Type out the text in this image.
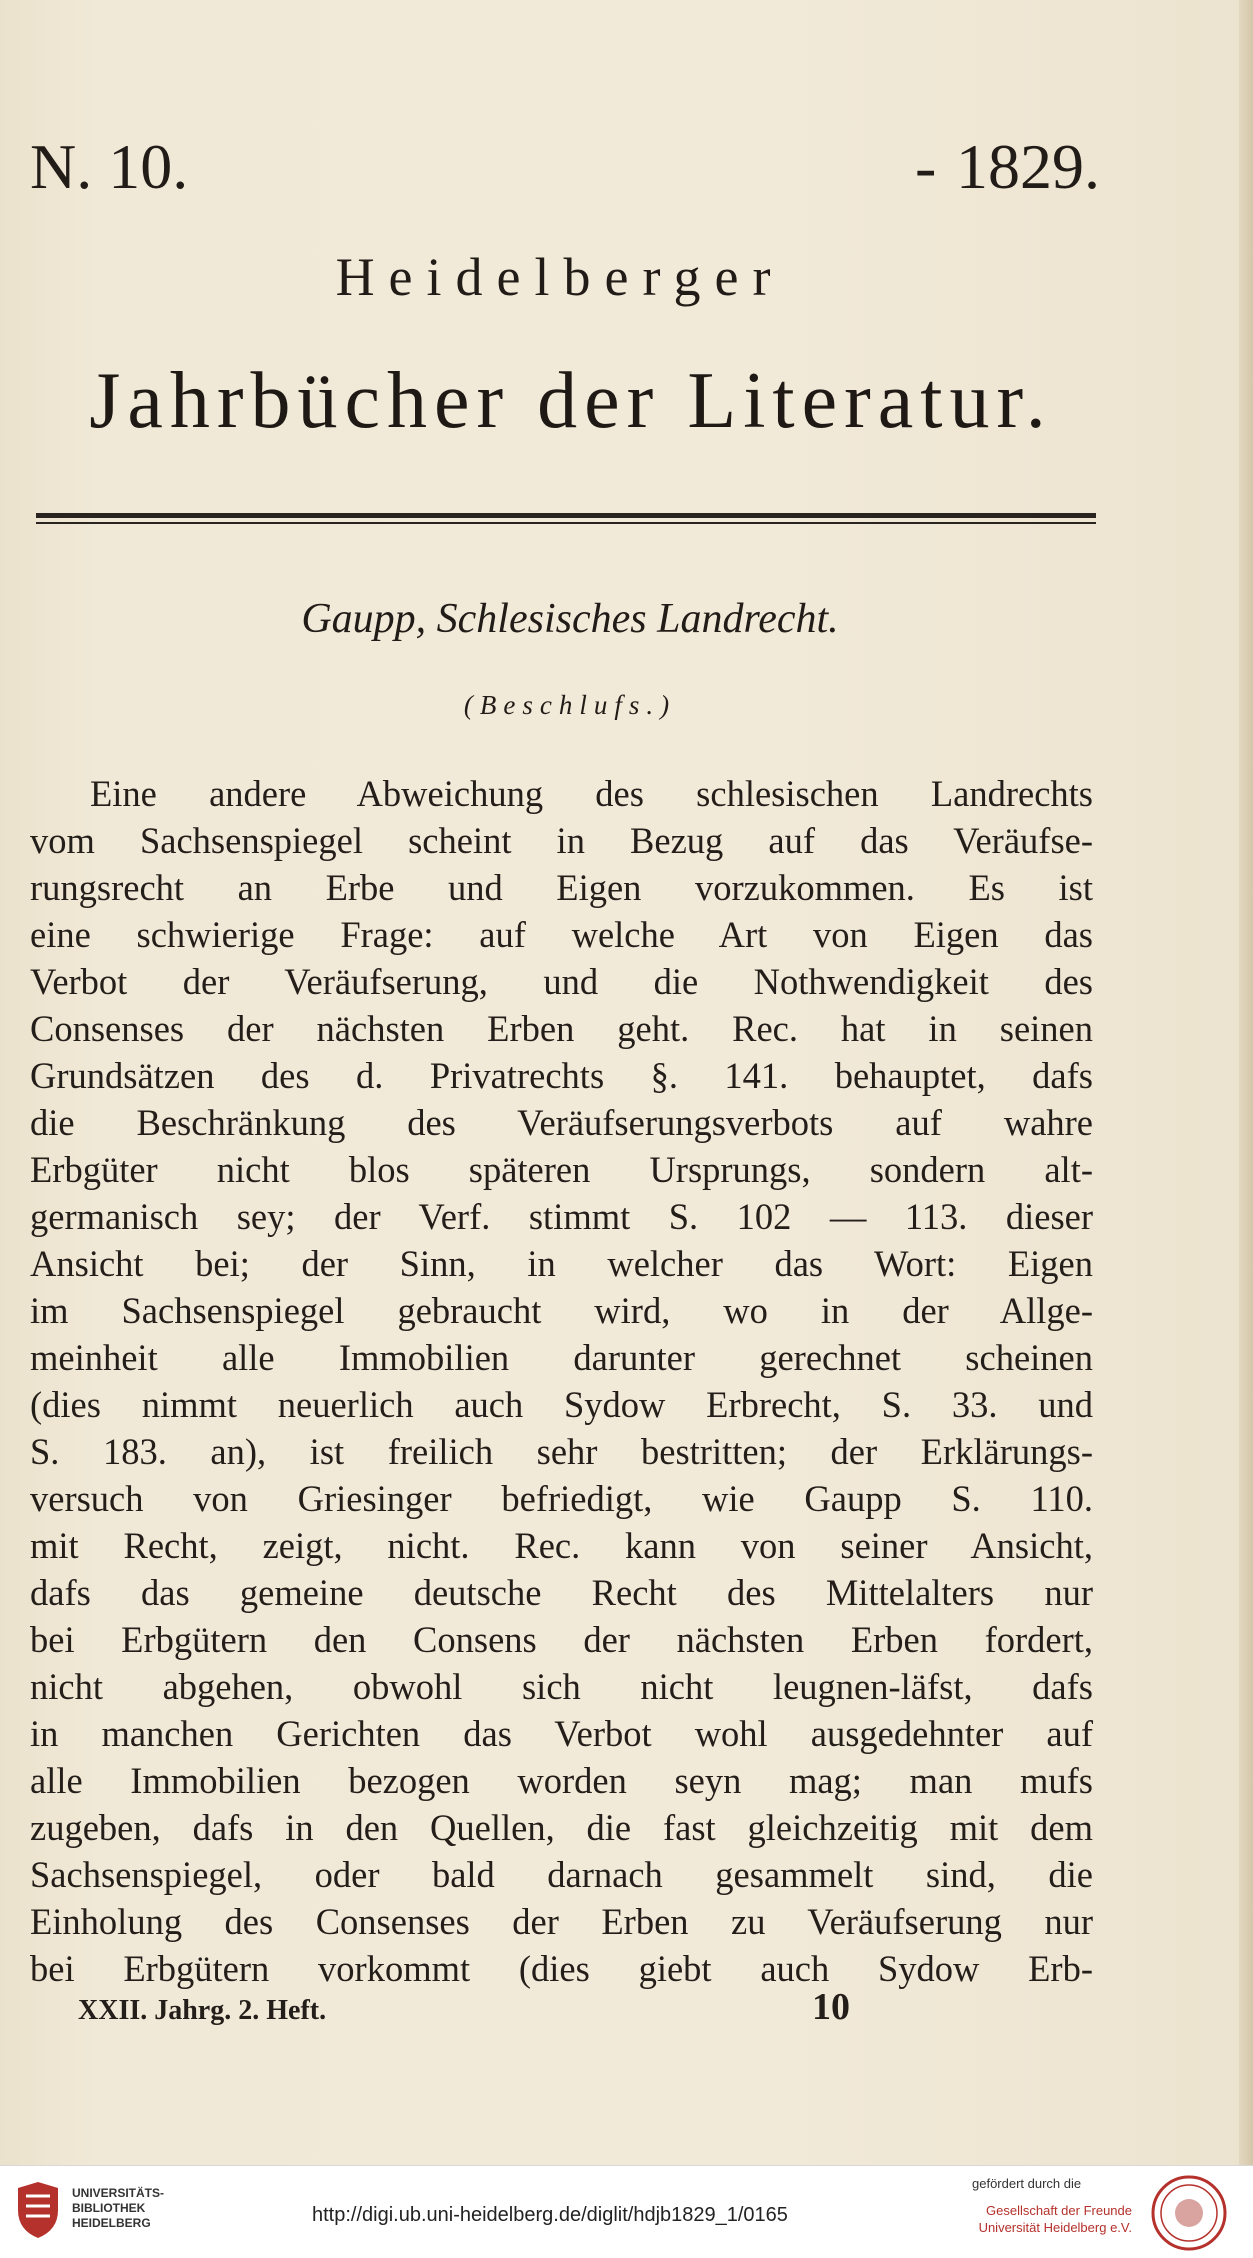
N. 10.	- 1829.
Heidelberger
Jahrbücher der Literatur.
Gaupp, Schlesisches Landrecht.
(Beschlufs.)
Eine andere Abweichung des schlesischen Landrechts
vom Sachsenspiegel scheint in Bezug auf das Veräufse-
rungsrecht an Erbe und Eigen vorzukommen. Es ist
eine schwierige Frage: auf welche Art von Eigen das
Verbot der Veräufserung, und die Nothwendigkeit des
Consenses der nächsten Erben geht. Rec. hat in seinen
Grundsätzen des d. Privatrechts §. 141. behauptet, dafs
die Beschränkung des Veräufserungsverbots auf wahre
Erbgüter nicht blos späteren Ursprungs, sondern alt-
germanisch sey; der Verf. stimmt S. 102 — 113. dieser
Ansicht bei; der Sinn, in welcher das Wort: Eigen
im Sachsenspiegel gebraucht wird, wo in der Allge-
meinheit alle Immobilien darunter gerechnet scheinen
(dies nimmt neuerlich auch Sydow Erbrecht, S. 33. und
S. 183. an), ist freilich sehr bestritten; der Erklärungs-
versuch von Griesinger befriedigt, wie Gaupp S. 110.
mit Recht, zeigt, nicht. Rec. kann von seiner Ansicht,
dafs das gemeine deutsche Recht des Mittelalters nur
bei Erbgütern den Consens der nächsten Erben fordert,
nicht abgehen, obwohl sich nicht leugnen-läfst, dafs
in manchen Gerichten das Verbot wohl ausgedehnter auf
alle Immobilien bezogen worden seyn mag; man mufs
zugeben, dafs in den Quellen, die fast gleichzeitig mit dem
Sachsenspiegel, oder bald darnach gesammelt sind, die
Einholung des Consenses der Erben zu Veräufserung nur
bei Erbgütern vorkommt (dies giebt auch Sydow Erb-
XXII. Jahrg. 2. Heft.	10
UNIVERSITÄTS-
BIBLIOTHEK
HEIDELBERG	http://digi.ub.uni-heidelberg.de/diglit/hdjb1829_1/0165
gefördert durch die
Gesellschaft der Freunde
Universität Heidelberg e.V.
